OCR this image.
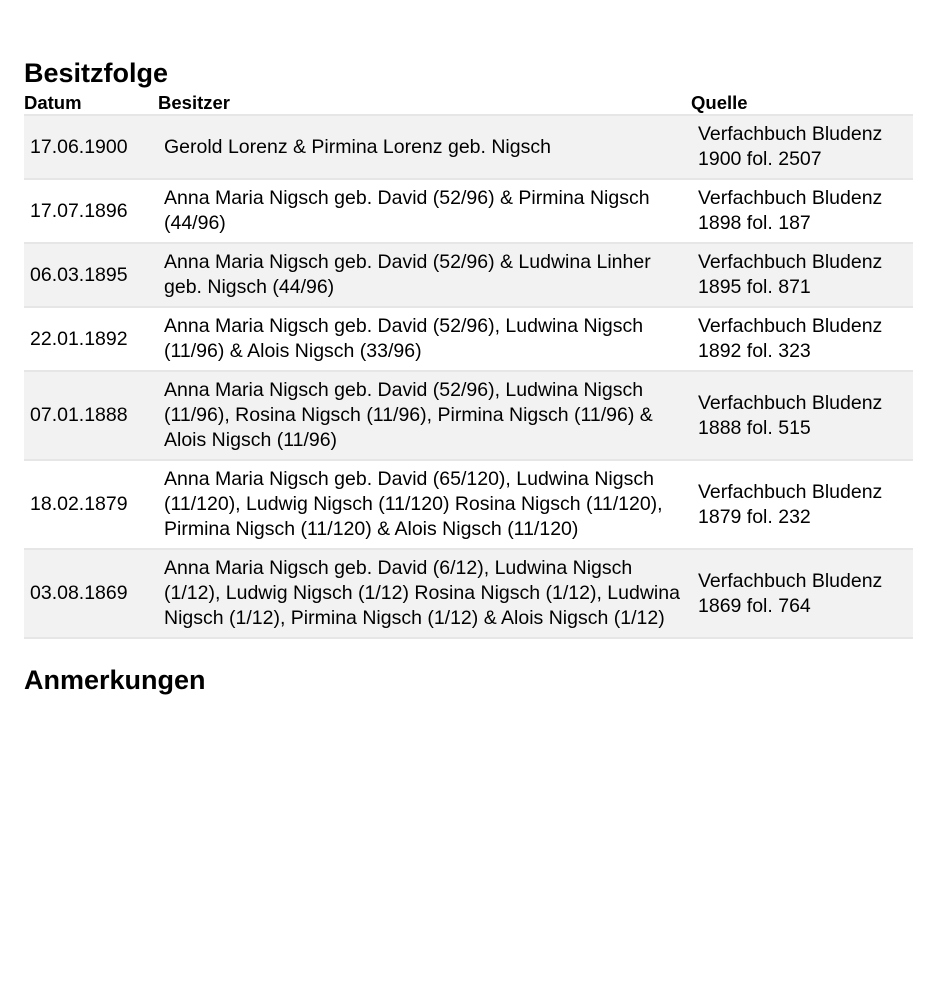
Besitzfolge
Datum	Besitzer	Quelle
17.06.1900	Gerold Lorenz & Pirmina Lorenz geb. Nigsch	Verfachbuch Bludenz 1900 fol. 2507
17.07.1896	Anna Maria Nigsch geb. David (52/96) & Pirmina Nigsch (44/96)	Verfachbuch Bludenz 1898 fol. 187
06.03.1895	Anna Maria Nigsch geb. David (52/96) & Ludwina Linher geb. Nigsch (44/96)	Verfachbuch Bludenz 1895 fol. 871
22.01.1892	Anna Maria Nigsch geb. David (52/96), Ludwina Nigsch (11/96) & Alois Nigsch (33/96)	Verfachbuch Bludenz 1892 fol. 323
07.01.1888	Anna Maria Nigsch geb. David (52/96), Ludwina Nigsch (11/96), Rosina Nigsch (11/96), Pirmina Nigsch (11/96) & Alois Nigsch (11/96)	Verfachbuch Bludenz 1888 fol. 515
18.02.1879	Anna Maria Nigsch geb. David (65/120), Ludwina Nigsch (11/120), Ludwig Nigsch (11/120) Rosina Nigsch (11/120), Pirmina Nigsch (11/120) & Alois Nigsch (11/120)	Verfachbuch Bludenz 1879 fol. 232
03.08.1869	Anna Maria Nigsch geb. David (6/12), Ludwina Nigsch (1/12), Ludwig Nigsch (1/12) Rosina Nigsch (1/12), Ludwina Nigsch (1/12), Pirmina Nigsch (1/12) & Alois Nigsch (1/12)	Verfachbuch Bludenz 1869 fol. 764
Anmerkungen
